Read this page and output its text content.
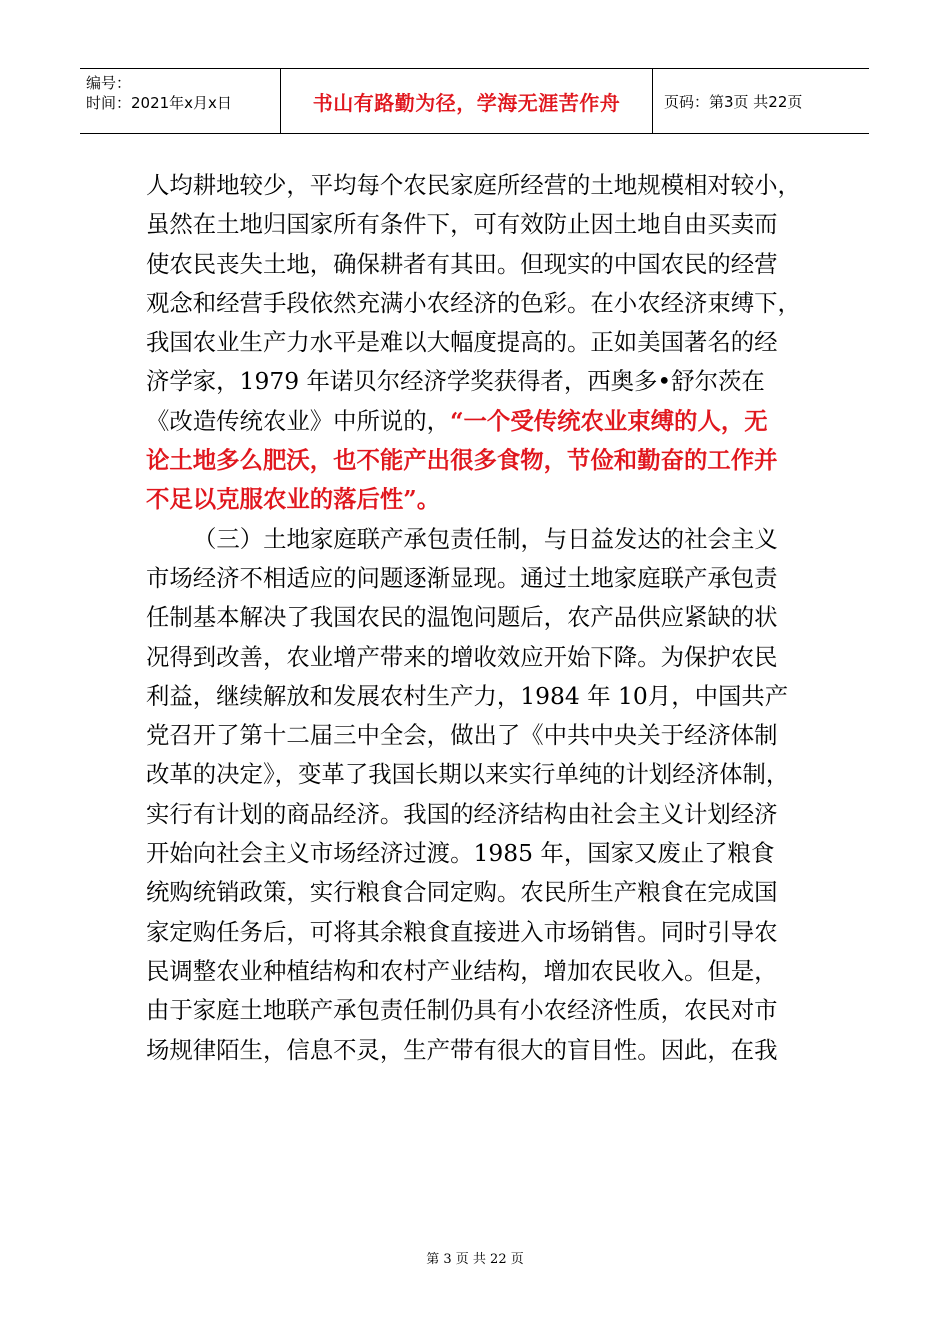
编号：
时间：2021年x月x日	书山有路勤为径，学海无涯苦作舟	页码：第3页 共22页
人均耕地较少，平均每个农民家庭所经营的土地规模相对较小，
虽然在土地归国家所有条件下，可有效防止因土地自由买卖而
使农民丧失土地，确保耕者有其田。但现实的中国农民的经营
观念和经营手段依然充满小农经济的色彩。在小农经济束缚下，
我国农业生产力水平是难以大幅度提高的。正如美国著名的经
济学家，1979 年诺贝尔经济学奖获得者，西奥多•舒尔茨在
《改造传统农业》中所说的，“一个受传统农业束缚的人，无
论土地多么肥沃，也不能产出很多食物，节俭和勤奋的工作并
不足以克服农业的落后性”。
（三）土地家庭联产承包责任制，与日益发达的社会主义
市场经济不相适应的问题逐渐显现。通过土地家庭联产承包责
任制基本解决了我国农民的温饱问题后，农产品供应紧缺的状
况得到改善，农业增产带来的增收效应开始下降。为保护农民
利益，继续解放和发展农村生产力，1984 年 10月，中国共产
党召开了第十二届三中全会，做出了《中共中央关于经济体制
改革的决定》，变革了我国长期以来实行单纯的计划经济体制，
实行有计划的商品经济。我国的经济结构由社会主义计划经济
开始向社会主义市场经济过渡。1985 年，国家又废止了粮食
统购统销政策，实行粮食合同定购。农民所生产粮食在完成国
家定购任务后，可将其余粮食直接进入市场销售。同时引导农
民调整农业种植结构和农村产业结构，增加农民收入。但是，
由于家庭土地联产承包责任制仍具有小农经济性质，农民对市
场规律陌生，信息不灵，生产带有很大的盲目性。因此，在我
第 3 页 共 22 页
